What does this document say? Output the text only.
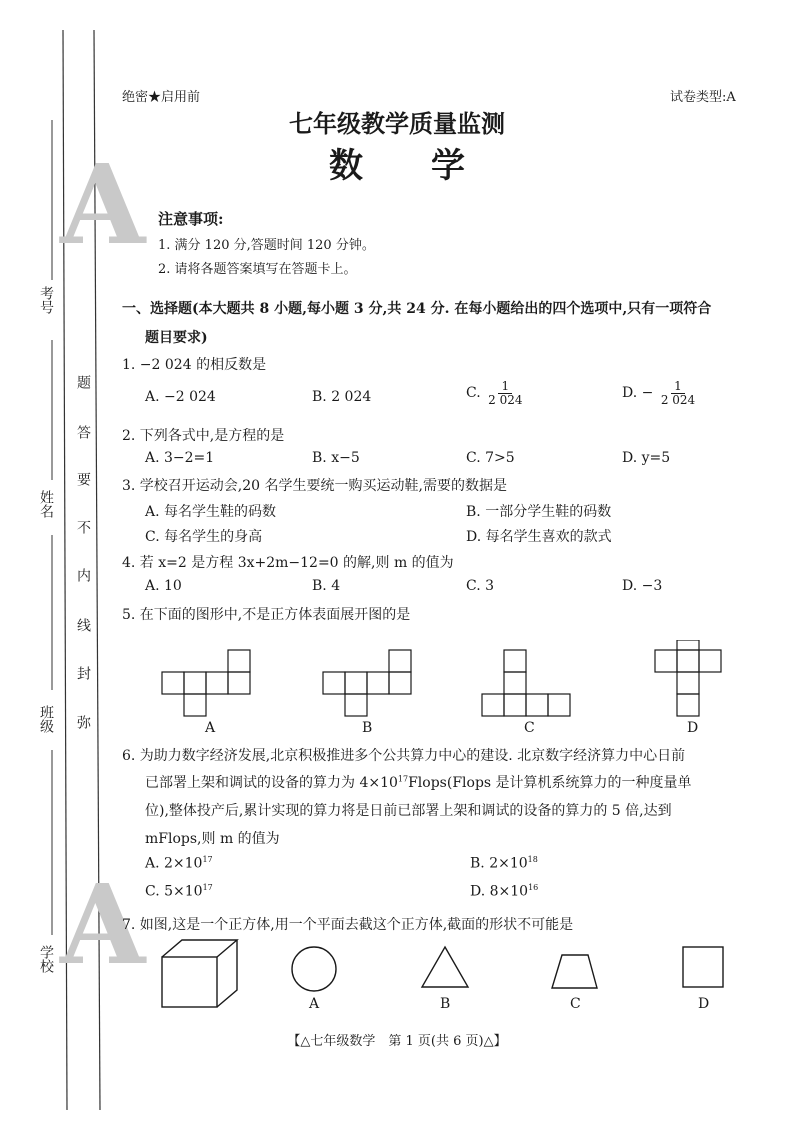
A
A
考号
姓名
班级
学校
题
答
要
不
内
线
封
弥
绝密★启用前	试卷类型:A
七年级教学质量监测
数　　学
注意事项:
1. 满分 120 分,答题时间 120 分钟。
2. 请将各题答案填写在答题卡上。
一、选择题(本大题共 8 小题,每小题 3 分,共 24 分. 在每小题给出的四个选项中,只有一项符合
题目要求)
1. −2 024 的相反数是
A. −2 024	B. 2 024	C. $\frac{1}{2 024}$	D. − $\frac{1}{2 024}$
2. 下列各式中,是方程的是
A. 3−2=1	B. x−5	C. 7>5	D. y=5
3. 学校召开运动会,20 名学生要统一购买运动鞋,需要的数据是
A. 每名学生鞋的码数	B. 一部分学生鞋的码数
C. 每名学生的身高	D. 每名学生喜欢的款式
4. 若 x=2 是方程 3x+2m−12=0 的解,则 m 的值为
A. 10	B. 4	C. 3	D. −3
5. 在下面的图形中,不是正方体表面展开图的是
A	B	C	D
6. 为助力数字经济发展,北京积极推进多个公共算力中心的建设. 北京数字经济算力中心日前
已部署上架和调试的设备的算力为 $4\times 10^{17}Flops(Flops$ 是计算机系统算力的一种度量单
位),整体投产后,累计实现的算力将是日前已部署上架和调试的设备的算力的 5 倍,达到
mFlops,则 m 的值为
A. $2\times 10^{17}$	B. $2\times 10^{18}$
C. $5\times 10^{17}$	D. $8\times 10^{16}$
7. 如图,这是一个正方体,用一个平面去截这个正方体,截面的形状不可能是
A	B	C	D
【△七年级数学　第 1 页(共 6 页)△】
